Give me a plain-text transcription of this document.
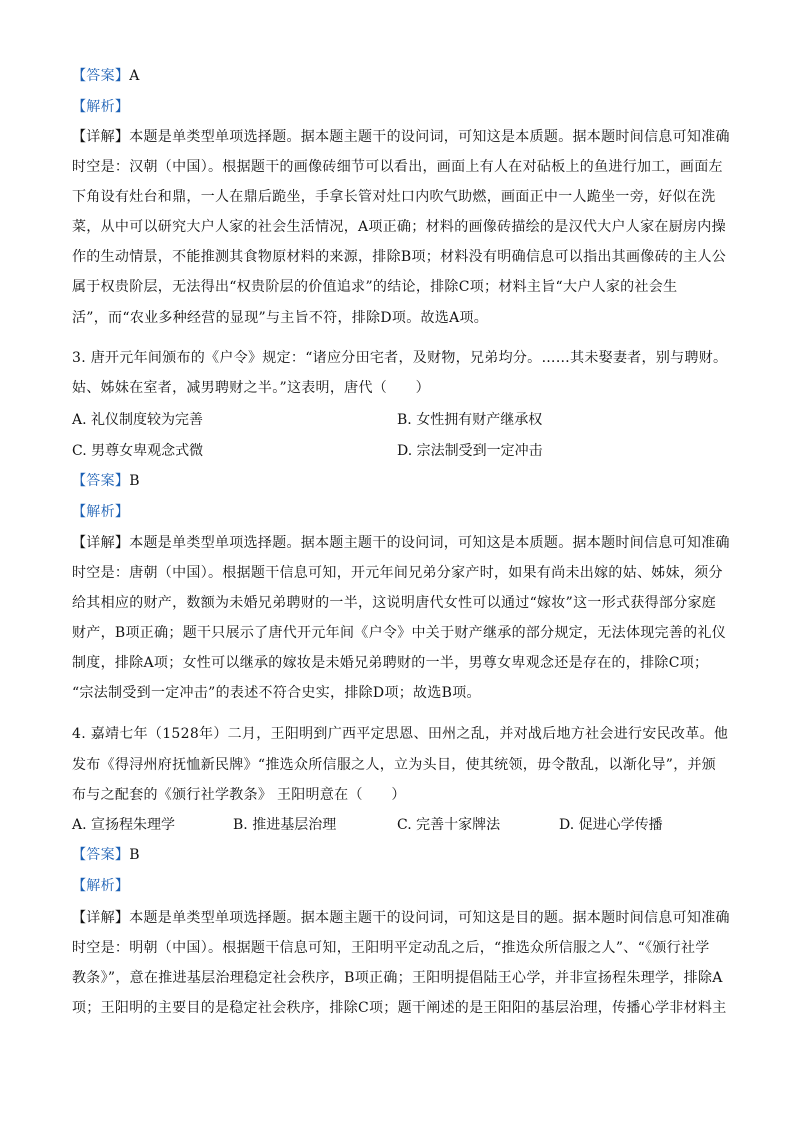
【答案】A
【解析】
【详解】本题是单类型单项选择题。据本题主题干的设问词，可知这是本质题。据本题时间信息可知准确
时空是：汉朝（中国）。根据题干的画像砖细节可以看出，画面上有人在对砧板上的鱼进行加工，画面左
下角设有灶台和鼎，一人在鼎后跪坐，手拿长管对灶口内吹气助燃，画面正中一人跪坐一旁，好似在洗
菜，从中可以研究大户人家的社会生活情况，A项正确；材料的画像砖描绘的是汉代大户人家在厨房内操
作的生动情景，不能推测其食物原材料的来源，排除B项；材料没有明确信息可以指出其画像砖的主人公
属于权贵阶层，无法得出“权贵阶层的价值追求”的结论，排除C项；材料主旨“大户人家的社会生
活”，而“农业多种经营的显现”与主旨不符，排除D项。故选A项。
3. 唐开元年间颁布的《户令》规定：“诸应分田宅者，及财物，兄弟均分。……其未娶妻者，别与聘财。
姑、姊妹在室者，减男聘财之半。”这表明，唐代（　　）
A. 礼仪制度较为完善	B. 女性拥有财产继承权
C. 男尊女卑观念式微	D. 宗法制受到一定冲击
【答案】B
【解析】
【详解】本题是单类型单项选择题。据本题主题干的设问词，可知这是本质题。据本题时间信息可知准确
时空是：唐朝（中国）。根据题干信息可知，开元年间兄弟分家产时，如果有尚未出嫁的姑、姊妹，须分
给其相应的财产，数额为未婚兄弟聘财的一半，这说明唐代女性可以通过“嫁妆”这一形式获得部分家庭
财产，B项正确；题干只展示了唐代开元年间《户令》中关于财产继承的部分规定，无法体现完善的礼仪
制度，排除A项；女性可以继承的嫁妆是未婚兄弟聘财的一半，男尊女卑观念还是存在的，排除C项；
“宗法制受到一定冲击”的表述不符合史实，排除D项；故选B项。
4. 嘉靖七年（1528年）二月，王阳明到广西平定思恩、田州之乱，并对战后地方社会进行安民改革。他
发布《得浔州府抚恤新民牌》“推选众所信服之人，立为头目，使其统领，毋令散乱，以渐化导”，并颁
布与之配套的《颁行社学教条》 王阳明意在（　　）
A. 宣扬程朱理学	B. 推进基层治理	C. 完善十家牌法	D. 促进心学传播
【答案】B
【解析】
【详解】本题是单类型单项选择题。据本题主题干的设问词，可知这是目的题。据本题时间信息可知准确
时空是：明朝（中国）。根据题干信息可知，王阳明平定动乱之后，“推选众所信服之人”、“《颁行社学
教条》”，意在推进基层治理稳定社会秩序，B项正确；王阳明提倡陆王心学，并非宣扬程朱理学，排除A
项；王阳明的主要目的是稳定社会秩序，排除C项；题干阐述的是王阳阳的基层治理，传播心学非材料主
